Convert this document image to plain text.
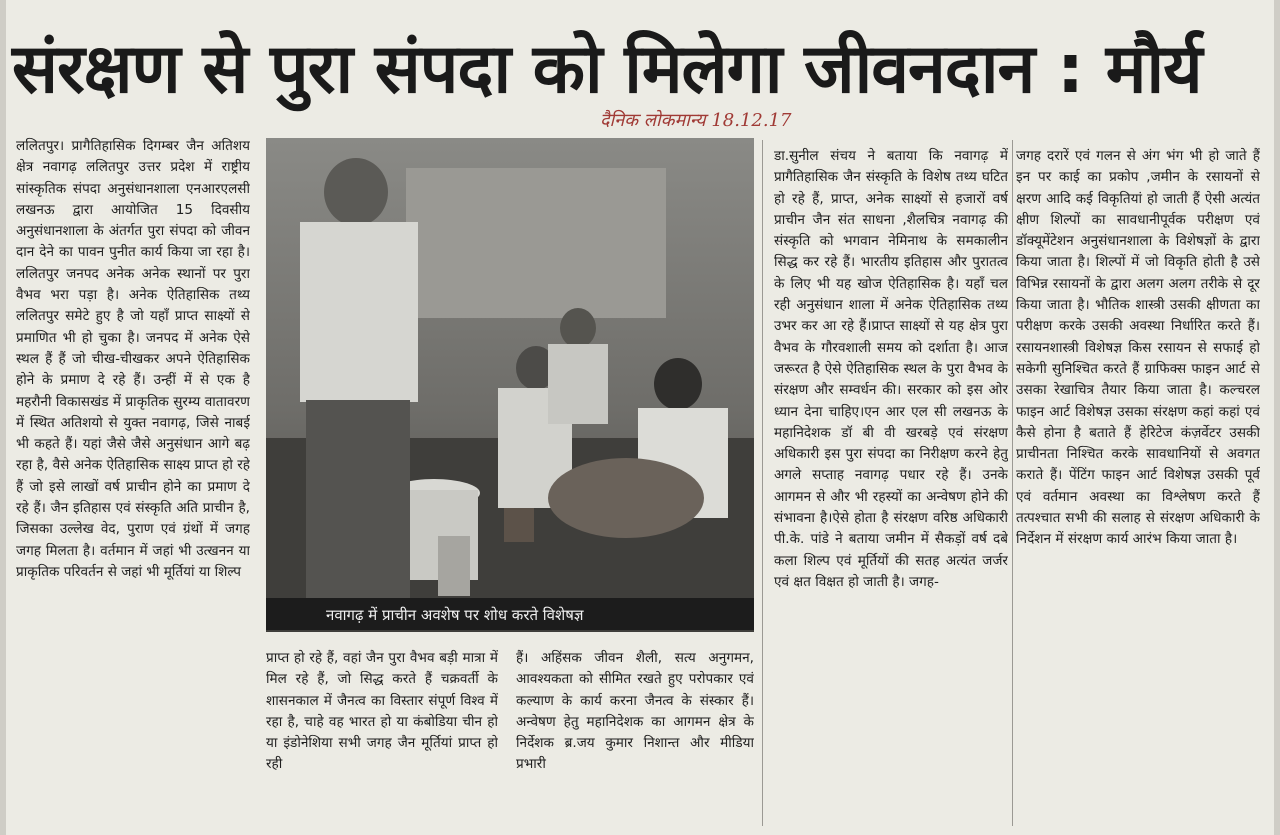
संरक्षण से पुरा संपदा को मिलेगा जीवनदान : मौर्य
दैनिक लोकमान्य 18.12.17
ललितपुर। प्रागैतिहासिक दिगम्बर जैन अतिशय क्षेत्र नवागढ़ ललितपुर उत्तर प्रदेश में राष्ट्रीय सांस्कृतिक संपदा अनुसंधानशाला एनआरएलसी लखनऊ द्वारा आयोजित 15 दिवसीय अनुसंधानशाला के अंतर्गत पुरा संपदा को जीवन दान देने का पावन पुनीत कार्य किया जा रहा है। ललितपुर जनपद अनेक अनेक स्थानों पर पुरा वैभव भरा पड़ा है। अनेक ऐतिहासिक तथ्य ललितपुर समेटे हुए है जो यहाँ प्राप्त साक्ष्यों से प्रमाणित भी हो चुका है। जनपद में अनेक ऐसे स्थल हैं हैं जो चीख-चीखकर अपने ऐतिहासिक होने के प्रमाण दे रहे हैं। उन्हीं में से एक है महरौनी विकासखंड में प्राकृतिक सुरम्य वातावरण में स्थित अतिशयो से युक्त नवागढ़, जिसे नाबई भी कहते हैं। यहां जैसे जैसे अनुसंधान आगे बढ़ रहा है, वैसे अनेक ऐतिहासिक साक्ष्य प्राप्त हो रहे हैं जो इसे लाखों वर्ष प्राचीन होने का प्रमाण दे रहे हैं। जैन इतिहास एवं संस्कृति अति प्राचीन है, जिसका उल्लेख वेद, पुराण एवं ग्रंथों में जगह जगह मिलता है। वर्तमान में जहां भी उत्खनन या प्राकृतिक परिवर्तन से जहां भी मूर्तियां या शिल्प
नवागढ़ में प्राचीन अवशेष पर शोध करते विशेषज्ञ
प्राप्त हो रहे हैं, वहां जैन पुरा वैभव बड़ी मात्रा में मिल रहे हैं, जो सिद्ध करते हैं चक्रवर्ती के शासनकाल में जैनत्व का विस्तार संपूर्ण विश्व में रहा है, चाहे वह भारत हो या कंबोडिया चीन हो या इंडोनेशिया सभी जगह जैन मूर्तियां प्राप्त हो रही
हैं। अहिंसक जीवन शैली, सत्य अनुगमन, आवश्यकता को सीमित रखते हुए परोपकार एवं कल्याण के कार्य करना जैनत्व के संस्कार हैं। अन्वेषण हेतु महानिदेशक का आगमन क्षेत्र के निर्देशक ब्र.जय कुमार निशान्त और मीडिया प्रभारी
डा.सुनील संचय ने बताया कि नवागढ़ में प्रागैतिहासिक जैन संस्कृति के विशेष तथ्य घटित हो रहे हैं, प्राप्त, अनेक साक्ष्यों से हजारों वर्ष प्राचीन जैन संत साधना ,शैलचित्र नवागढ़ की संस्कृति को भगवान नेमिनाथ के समकालीन सिद्ध कर रहे हैं। भारतीय इतिहास और पुरातत्व के लिए भी यह खोज ऐतिहासिक है। यहाँ चल रही अनुसंधान शाला में अनेक ऐतिहासिक तथ्य उभर कर आ रहे हैं।प्राप्त साक्ष्यों से यह क्षेत्र पुरा वैभव के गौरवशाली समय को दर्शाता है। आज जरूरत है ऐसे ऐतिहासिक स्थल के पुरा वैभव के संरक्षण और सम्वर्धन की। सरकार को इस ओर ध्यान देना चाहिए।एन आर एल सी लखनऊ के महानिदेशक डॉ बी वी खरबड़े एवं संरक्षण अधिकारी इस पुरा संपदा का निरीक्षण करने हेतु अगले सप्ताह नवागढ़ पधार रहे हैं। उनके आगमन से और भी रहस्यों का अन्वेषण होने की संभावना है।ऐसे होता है संरक्षण वरिष्ठ अधिकारी पी.के. पांडे ने बताया जमीन में सैकड़ों वर्ष दबे कला शिल्प एवं मूर्तियों की सतह अत्यंत जर्जर एवं क्षत विक्षत हो जाती है। जगह-
जगह दरारें एवं गलन से अंग भंग भी हो जाते हैं इन पर काई का प्रकोप ,जमीन के रसायनों से क्षरण आदि कई विकृतियां हो जाती हैं ऐसी अत्यंत क्षीण शिल्पों का सावधानीपूर्वक परीक्षण एवं डॉक्यूमेंटेशन अनुसंधानशाला के विशेषज्ञों के द्वारा किया जाता है। शिल्पों में जो विकृति होती है उसे विभिन्न रसायनों के द्वारा अलग अलग तरीके से दूर किया जाता है। भौतिक शास्त्री उसकी क्षीणता का परीक्षण करके उसकी अवस्था निर्धारित करते हैं। रसायनशास्त्री विशेषज्ञ किस रसायन से सफाई हो सकेगी सुनिश्चित करते हैं ग्राफिक्स फाइन आर्ट से उसका रेखाचित्र तैयार किया जाता है। कल्चरल फाइन आर्ट विशेषज्ञ उसका संरक्षण कहां कहां एवं कैसे होना है बताते हैं हेरिटेज कंज़र्वेटर उसकी प्राचीनता निश्चित करके सावधानियों से अवगत कराते हैं। पेंटिंग फाइन आर्ट विशेषज्ञ उसकी पूर्व एवं वर्तमान अवस्था का विश्लेषण करते हैं तत्पश्चात सभी की सलाह से संरक्षण अधिकारी के निर्देशन में संरक्षण कार्य आरंभ किया जाता है।
